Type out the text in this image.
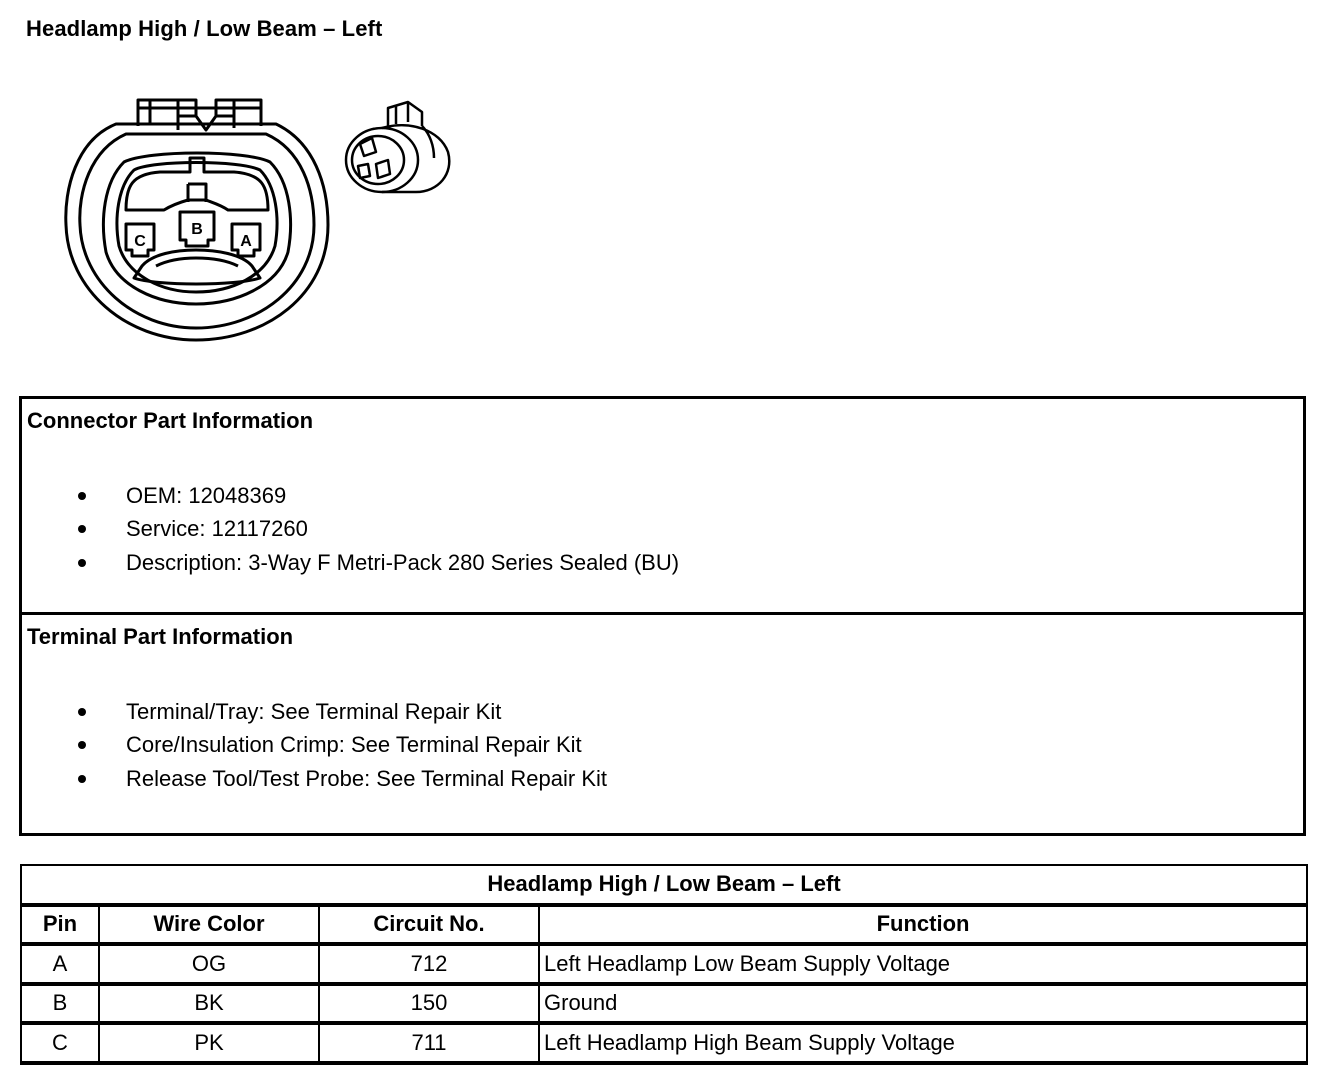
Headlamp High / Low Beam – Left
C
B
A
Connector Part Information
OEM: 12048369
Service: 12117260
Description: 3-Way F Metri-Pack 280 Series Sealed (BU)
Terminal Part Information
Terminal/Tray: See Terminal Repair Kit
Core/Insulation Crimp: See Terminal Repair Kit
Release Tool/Test Probe: See Terminal Repair Kit
Headlamp High / Low Beam – Left			
Pin	Wire Color	Circuit No.	Function
A	OG	712	Left Headlamp Low Beam Supply Voltage
B	BK	150	Ground
C	PK	711	Left Headlamp High Beam Supply Voltage
